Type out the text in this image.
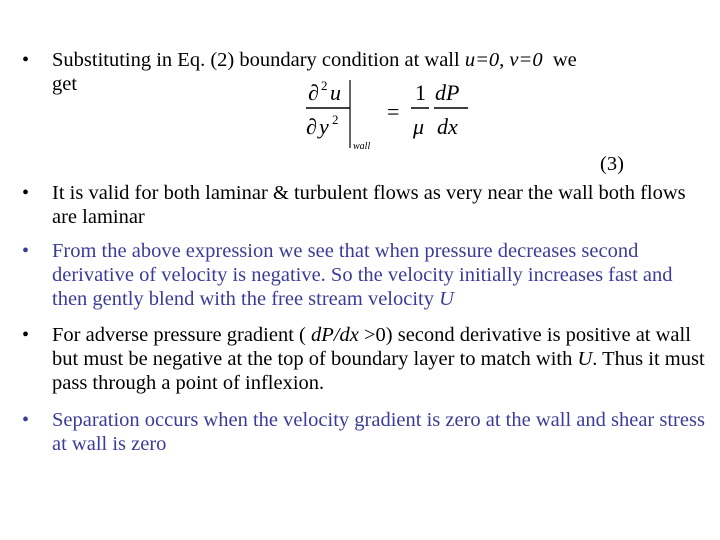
• Substituting in Eq. (2) boundary condition at wall u=0, v=0  we
get	∂ 2 u
∂ y 2
wall
=
1
μ
dP
dx
(3)
• It is valid for both laminar & turbulent flows as very near the wall both flows are laminar

• From the above expression we see that when pressure decreases second derivative of velocity is negative. So the velocity initially increases fast and then gently blend with the free stream velocity U

• For adverse pressure gradient ( dP/dx >0) second derivative is positive at wall but must be negative at the top of boundary layer to match with U. Thus it must pass through a point of inflexion.

• Separation occurs when the velocity gradient is zero at the wall and shear stress at wall is zero
